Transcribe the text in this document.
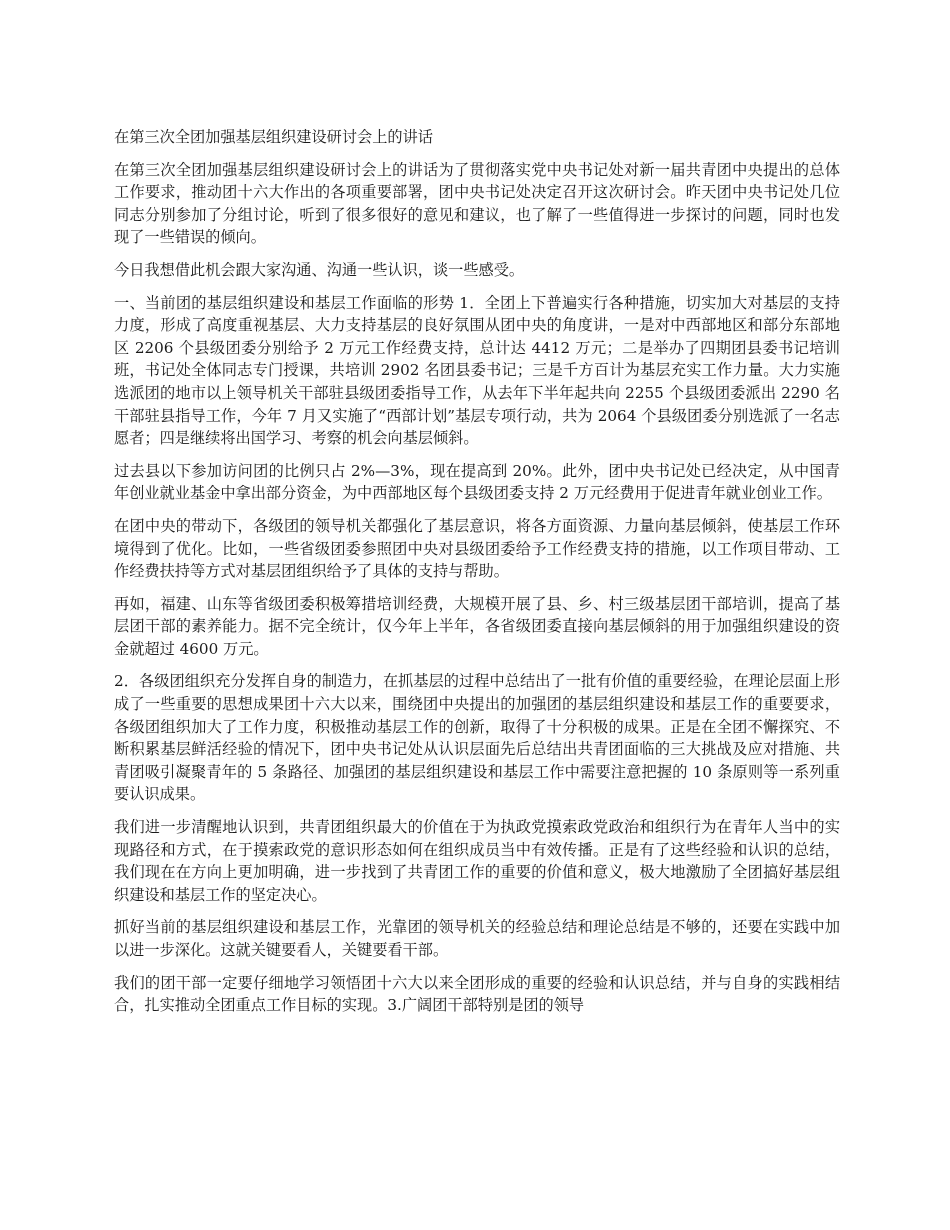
在第三次全团加强基层组织建设研讨会上的讲话

在第三次全团加强基层组织建设研讨会上的讲话为了贯彻落实党中央书记处对新一届共青团中央提出的总体工作要求，推动团十六大作出的各项重要部署，团中央书记处决定召开这次研讨会。昨天团中央书记处几位同志分别参加了分组讨论，听到了很多很好的意见和建议，也了解了一些值得进一步探讨的问题，同时也发现了一些错误的倾向。

今日我想借此机会跟大家沟通、沟通一些认识，谈一些感受。

一、当前团的基层组织建设和基层工作面临的形势 1．全团上下普遍实行各种措施，切实加大对基层的支持力度，形成了高度重视基层、大力支持基层的良好氛围从团中央的角度讲，一是对中西部地区和部分东部地区 2206 个县级团委分别给予 2 万元工作经费支持，总计达 4412 万元；二是举办了四期团县委书记培训班，书记处全体同志专门授课，共培训 2902 名团县委书记；三是千方百计为基层充实工作力量。大力实施选派团的地市以上领导机关干部驻县级团委指导工作，从去年下半年起共向 2255 个县级团委派出 2290 名干部驻县指导工作，今年 7 月又实施了“西部计划”基层专项行动，共为 2064 个县级团委分别选派了一名志愿者；四是继续将出国学习、考察的机会向基层倾斜。

过去县以下参加访问团的比例只占 2%—3%，现在提高到 20%。此外，团中央书记处已经决定，从中国青年创业就业基金中拿出部分资金，为中西部地区每个县级团委支持 2 万元经费用于促进青年就业创业工作。

在团中央的带动下，各级团的领导机关都强化了基层意识，将各方面资源、力量向基层倾斜，使基层工作环境得到了优化。比如，一些省级团委参照团中央对县级团委给予工作经费支持的措施，以工作项目带动、工作经费扶持等方式对基层团组织给予了具体的支持与帮助。

再如，福建、山东等省级团委积极筹措培训经费，大规模开展了县、乡、村三级基层团干部培训，提高了基层团干部的素养能力。据不完全统计，仅今年上半年，各省级团委直接向基层倾斜的用于加强组织建设的资金就超过 4600 万元。

2．各级团组织充分发挥自身的制造力，在抓基层的过程中总结出了一批有价值的重要经验，在理论层面上形成了一些重要的思想成果团十六大以来，围绕团中央提出的加强团的基层组织建设和基层工作的重要要求，各级团组织加大了工作力度，积极推动基层工作的创新，取得了十分积极的成果。正是在全团不懈探究、不断积累基层鲜活经验的情况下，团中央书记处从认识层面先后总结出共青团面临的三大挑战及应对措施、共青团吸引凝聚青年的 5 条路径、加强团的基层组织建设和基层工作中需要注意把握的 10 条原则等一系列重要认识成果。

我们进一步清醒地认识到，共青团组织最大的价值在于为执政党摸索政党政治和组织行为在青年人当中的实现路径和方式，在于摸索政党的意识形态如何在组织成员当中有效传播。正是有了这些经验和认识的总结，我们现在在方向上更加明确，进一步找到了共青团工作的重要的价值和意义，极大地激励了全团搞好基层组织建设和基层工作的坚定决心。

抓好当前的基层组织建设和基层工作，光靠团的领导机关的经验总结和理论总结是不够的，还要在实践中加以进一步深化。这就关键要看人，关键要看干部。

我们的团干部一定要仔细地学习领悟团十六大以来全团形成的重要的经验和认识总结，并与自身的实践相结合，扎实推动全团重点工作目标的实现。3.广阔团干部特别是团的领导
